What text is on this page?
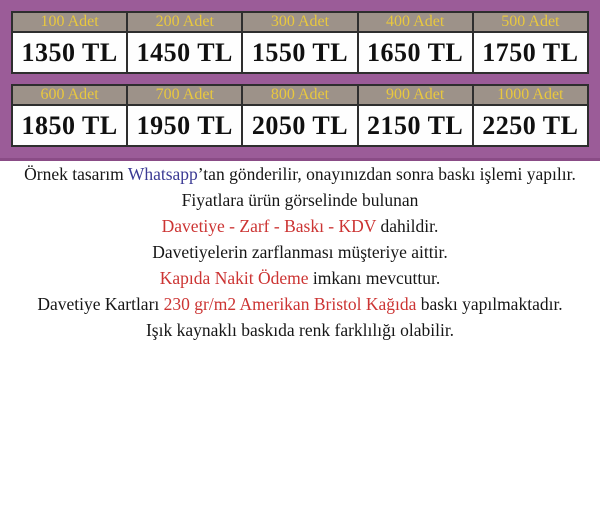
100 Adet	200 Adet	300 Adet	400 Adet	500 Adet
1350 TL	1450 TL	1550 TL	1650 TL	1750 TL
600 Adet	700 Adet	800 Adet	900 Adet	1000 Adet
1850 TL	1950 TL	2050 TL	2150 TL	2250 TL

Örnek tasarım Whatsapp’tan gönderilir, onayınızdan sonra baskı işlemi yapılır.

Fiyatlara ürün görselinde bulunan
Davetiye - Zarf - Baskı - KDV dahildir.

Davetiyelerin zarflanması müşteriye aittir.

Kapıda Nakit Ödeme imkanı mevcuttur.

Davetiye Kartları 230 gr/m2 Amerikan Bristol Kağıda baskı yapılmaktadır.
Işık kaynaklı baskıda renk farklılığı olabilir.
